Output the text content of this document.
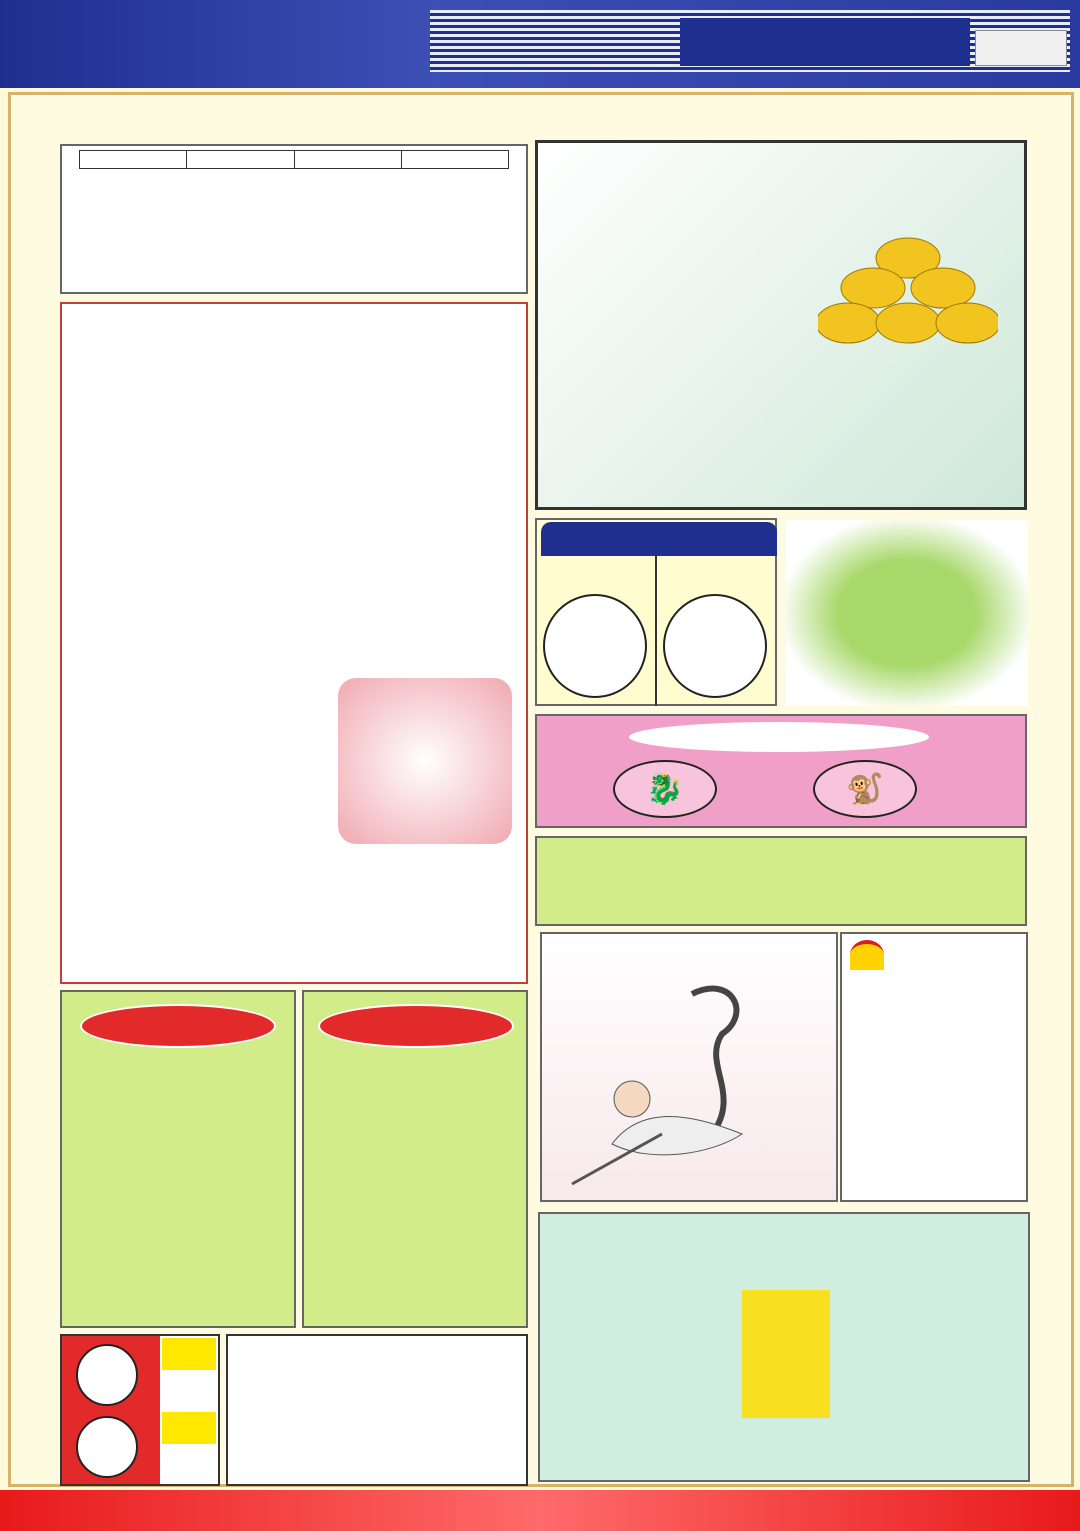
🐉	🐒
